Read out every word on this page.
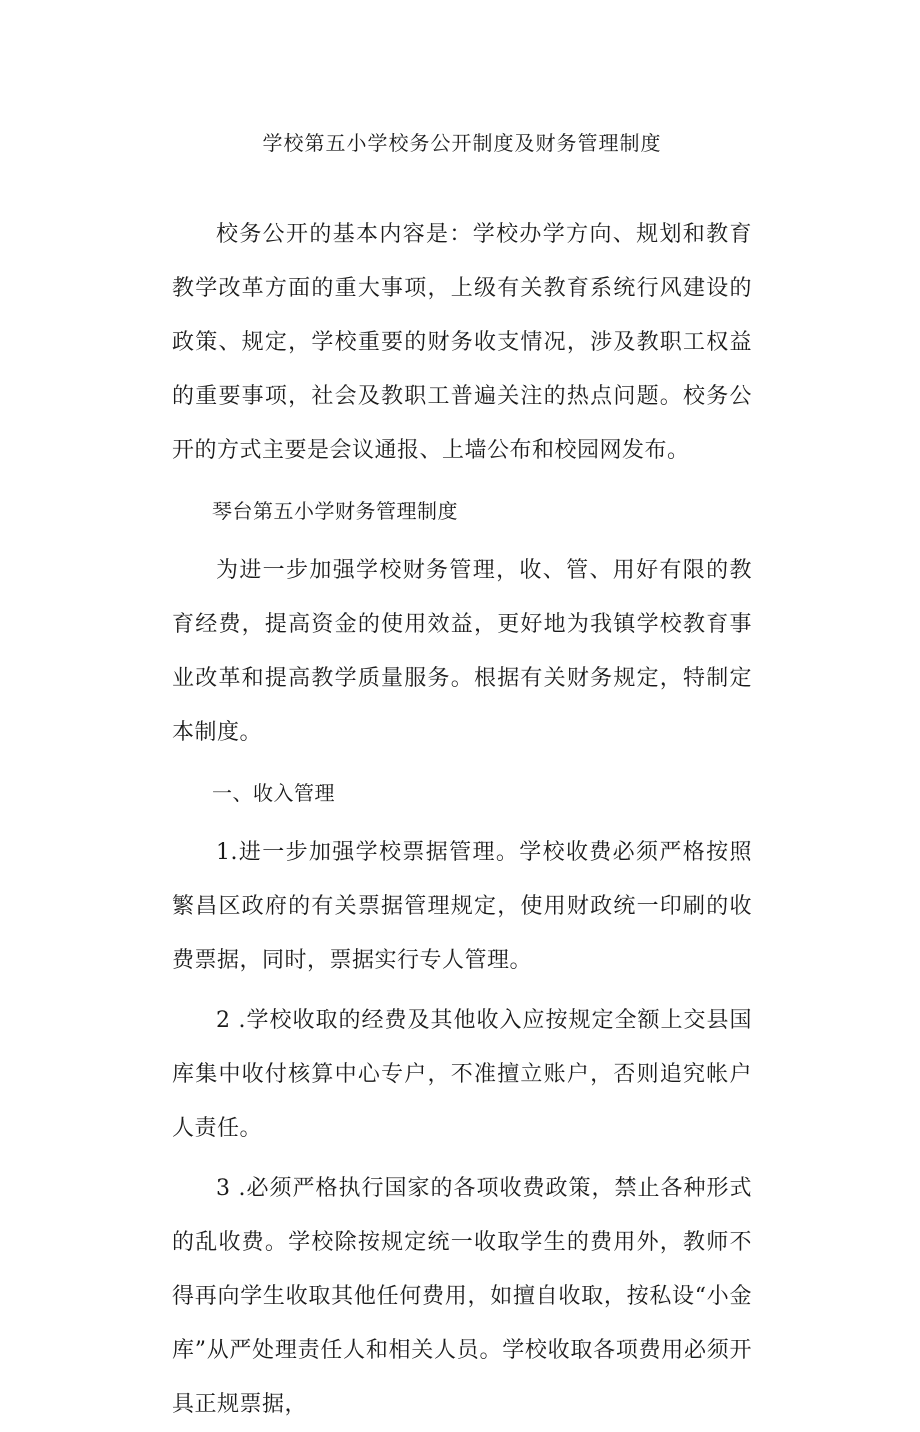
学校第五小学校务公开制度及财务管理制度

校务公开的基本内容是：学校办学方向、规划和教育教学改革方面的重大事项，上级有关教育系统行风建设的政策、规定，学校重要的财务收支情况，涉及教职工权益的重要事项，社会及教职工普遍关注的热点问题。校务公开的方式主要是会议通报、上墙公布和校园网发布。

琴台第五小学财务管理制度

为进一步加强学校财务管理，收、管、用好有限的教育经费，提高资金的使用效益，更好地为我镇学校教育事业改革和提高教学质量服务。根据有关财务规定，特制定本制度。

一、收入管理

1.进一步加强学校票据管理。学校收费必须严格按照繁昌区政府的有关票据管理规定，使用财政统一印刷的收费票据，同时，票据实行专人管理。

2 .学校收取的经费及其他收入应按规定全额上交县国库集中收付核算中心专户，不准擅立账户，否则追究帐户人责任。

3 .必须严格执行国家的各项收费政策，禁止各种形式的乱收费。学校除按规定统一收取学生的费用外，教师不得再向学生收取其他任何费用，如擅自收取，按私设“小金库”从严处理责任人和相关人员。学校收取各项费用必须开具正规票据，
